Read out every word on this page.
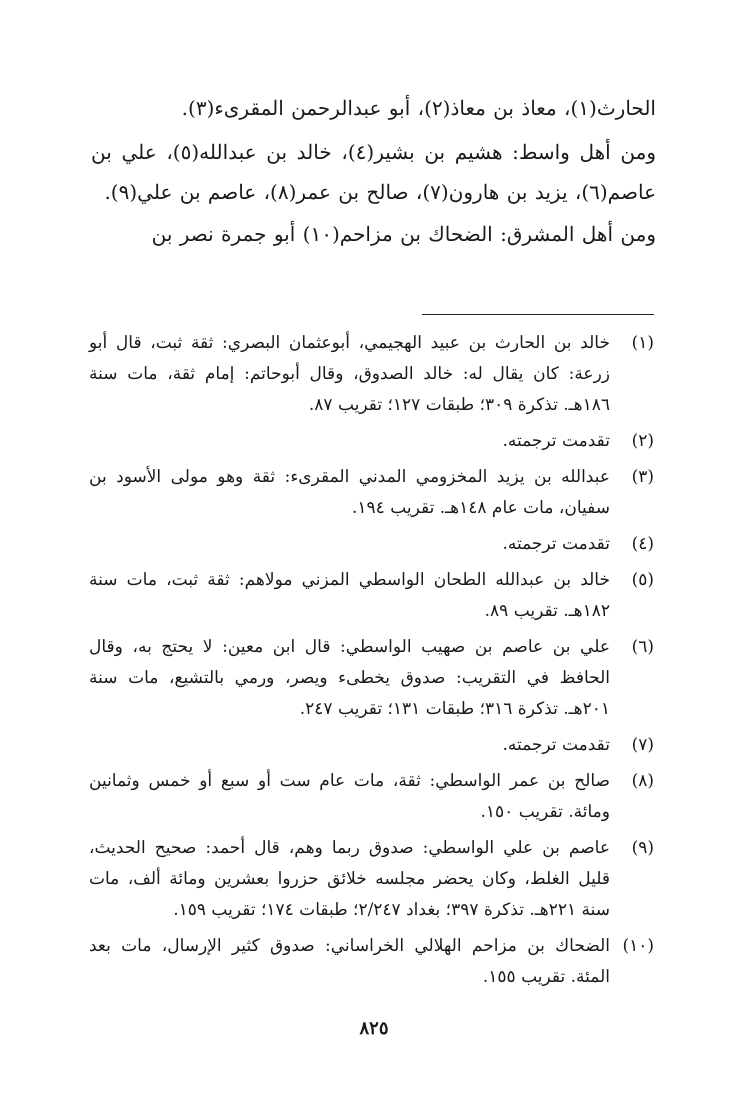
الحارث(١)، معاذ بن معاذ(٢)، أبو عبدالرحمن المقرىء(٣).

ومن أهل واسط: هشيم بن بشير(٤)، خالد بن عبدالله(٥)، علي بن عاصم(٦)، يزيد بن هارون(٧)، صالح بن عمر(٨)، عاصم بن علي(٩).

ومن أهل المشرق: الضحاك بن مزاحم(١٠) أبو جمرة نصر بن

(١)
خالد بن الحارث بن عبيد الهجيمي، أبوعثمان البصري: ثقة ثبت، قال أبو زرعة: كان يقال له: خالد الصدوق، وقال أبوحاتم: إمام ثقة، مات سنة ١٨٦هـ. تذكرة ٣٠٩؛ طبقات ١٢٧؛ تقريب ٨٧.
(٢)
تقدمت ترجمته.
(٣)
عبدالله بن يزيد المخزومي المدني المقرىء: ثقة وهو مولى الأسود بن سفيان، مات عام ١٤٨هـ. تقريب ١٩٤.
(٤)
تقدمت ترجمته.
(٥)
خالد بن عبدالله الطحان الواسطي المزني مولاهم: ثقة ثبت، مات سنة ١٨٢هـ. تقريب ٨٩.
(٦)
علي بن عاصم بن صهيب الواسطي: قال ابن معين: لا يحتج به، وقال الحافظ في التقريب: صدوق يخطىء ويصر، ورمي بالتشيع، مات سنة ٢٠١هـ. تذكرة ٣١٦؛ طبقات ١٣١؛ تقريب ٢٤٧.
(٧)
تقدمت ترجمته.
(٨)
صالح بن عمر الواسطي: ثقة، مات عام ست أو سبع أو خمس وثمانين ومائة. تقريب ١٥٠.
(٩)
عاصم بن علي الواسطي: صدوق ربما وهم، قال أحمد: صحيح الحديث، قليل الغلط، وكان يحضر مجلسه خلائق حزروا بعشرين ومائة ألف، مات سنة ٢٢١هـ. تذكرة ٣٩٧؛ بغداد ٢/٢٤٧؛ طبقات ١٧٤؛ تقريب ١٥٩.
(١٠)
الضحاك بن مزاحم الهلالي الخراساني: صدوق كثير الإرسال، مات بعد المئة. تقريب ١٥٥.
٨٢٥
